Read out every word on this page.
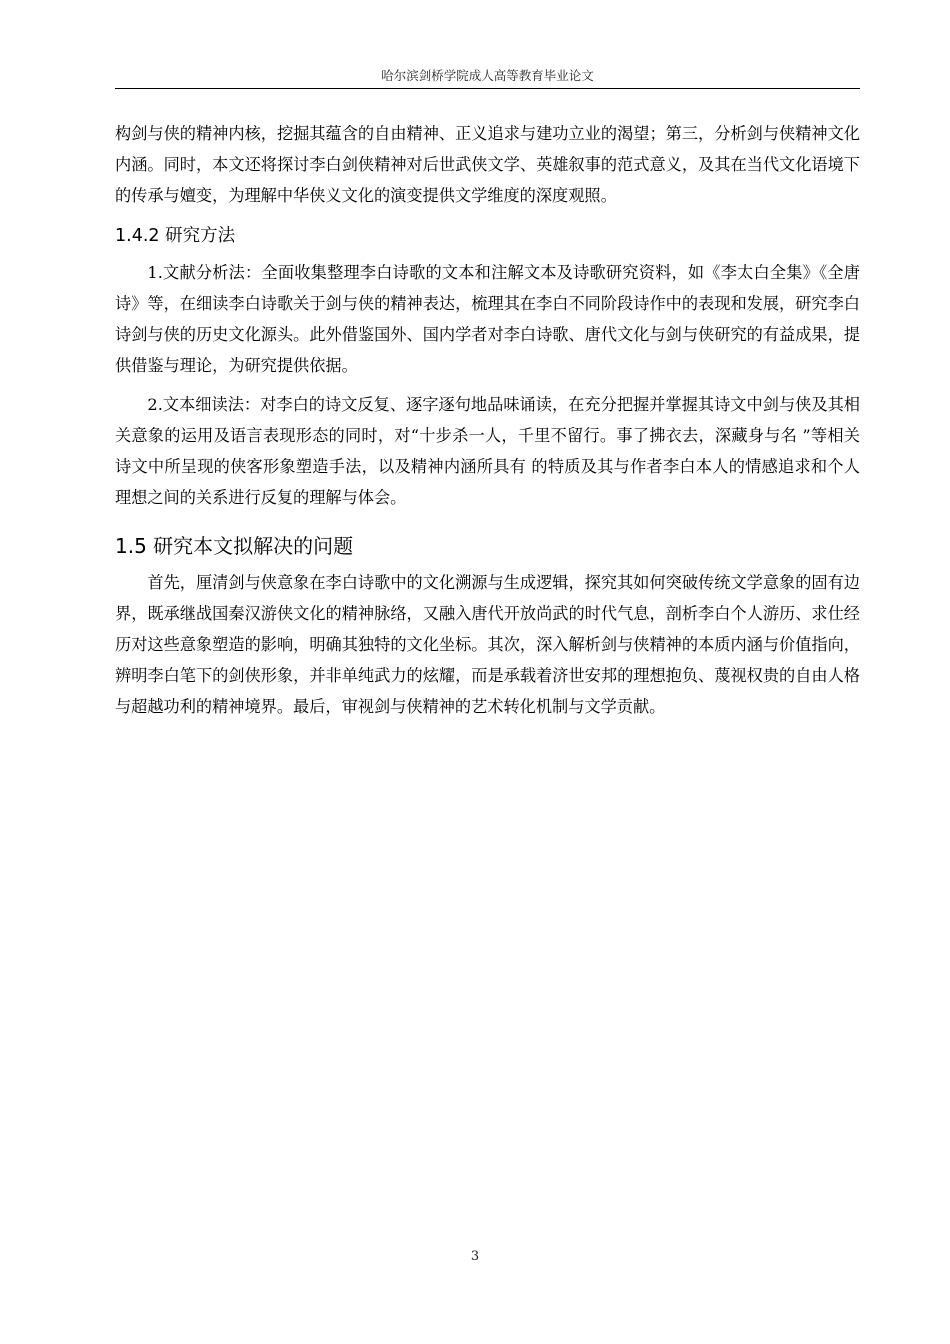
哈尔滨剑桥学院成人高等教育毕业论文

构剑与侠的精神内核，挖掘其蕴含的自由精神、正义追求与建功立业的渴望；第三，分析剑与侠精神文化内涵。同时，本文还将探讨李白剑侠精神对后世武侠文学、英雄叙事的范式意义，及其在当代文化语境下的传承与嬗变，为理解中华侠义文化的演变提供文学维度的深度观照。

1.4.2 研究方法

1.文献分析法：全面收集整理李白诗歌的文本和注解文本及诗歌研究资料，如《李太白全集》《全唐诗》等，在细读李白诗歌关于剑与侠的精神表达，梳理其在李白不同阶段诗作中的表现和发展，研究李白诗剑与侠的历史文化源头。此外借鉴国外、国内学者对李白诗歌、唐代文化与剑与侠研究的有益成果，提供借鉴与理论，为研究提供依据。

2.文本细读法：对李白的诗文反复、逐字逐句地品味诵读，在充分把握并掌握其诗文中剑与侠及其相关意象的运用及语言表现形态的同时，对“十步杀一人，千里不留行。事了拂衣去，深藏身与名 ”等相关诗文中所呈现的侠客形象塑造手法，以及精神内涵所具有 的特质及其与作者李白本人的情感追求和个人理想之间的关系进行反复的理解与体会。

1.5 研究本文拟解决的问题

首先，厘清剑与侠意象在李白诗歌中的文化溯源与生成逻辑，探究其如何突破传统文学意象的固有边界，既承继战国秦汉游侠文化的精神脉络，又融入唐代开放尚武的时代气息，剖析李白个人游历、求仕经历对这些意象塑造的影响，明确其独特的文化坐标。其次，深入解析剑与侠精神的本质内涵与价值指向，辨明李白笔下的剑侠形象，并非单纯武力的炫耀，而是承载着济世安邦的理想抱负、蔑视权贵的自由人格与超越功利的精神境界。最后，审视剑与侠精神的艺术转化机制与文学贡献。

3
